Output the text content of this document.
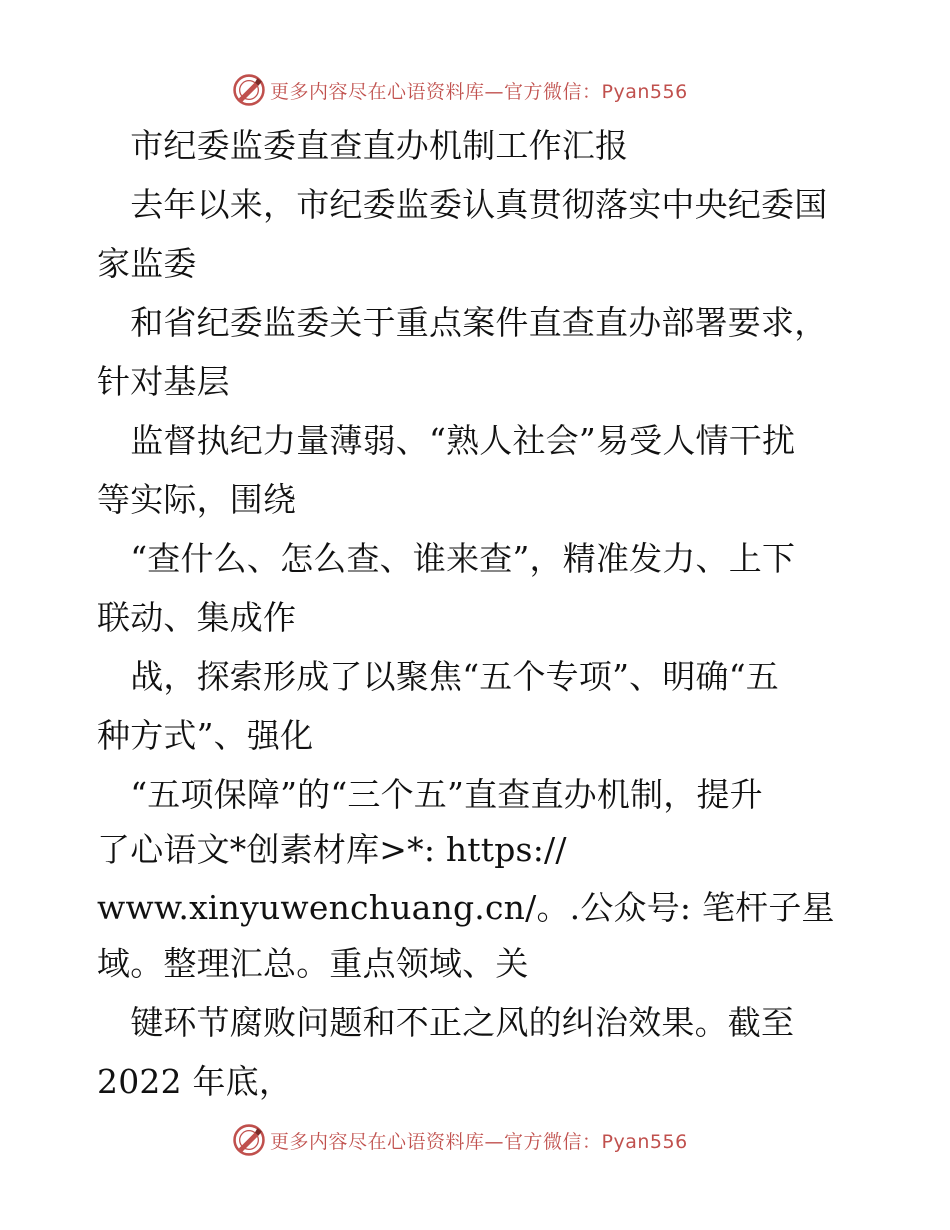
更多内容尽在心语资料库—官方微信：Pyan556
　市纪委监委直查直办机制工作汇报
　去年以来，市纪委监委认真贯彻落实中央纪委国
家监委
　和省纪委监委关于重点案件直查直办部署要求，
针对基层
　监督执纪力量薄弱、“熟人社会”易受人情干扰
等实际，围绕
　“查什么、怎么查、谁来查”，精准发力、上下
联动、集成作
　战，探索形成了以聚焦“五个专项”、明确“五
种方式”、强化
　“五项保障”的“三个五”直查直办机制，提升
了心语文*创素材库>*: https://
www.xinyuwenchuang.cn/。.公众号: 笔杆子星
域。整理汇总。重点领域、关
　键环节腐败问题和不正之风的纠治效果。截至
2022 年底，
更多内容尽在心语资料库—官方微信：Pyan556
